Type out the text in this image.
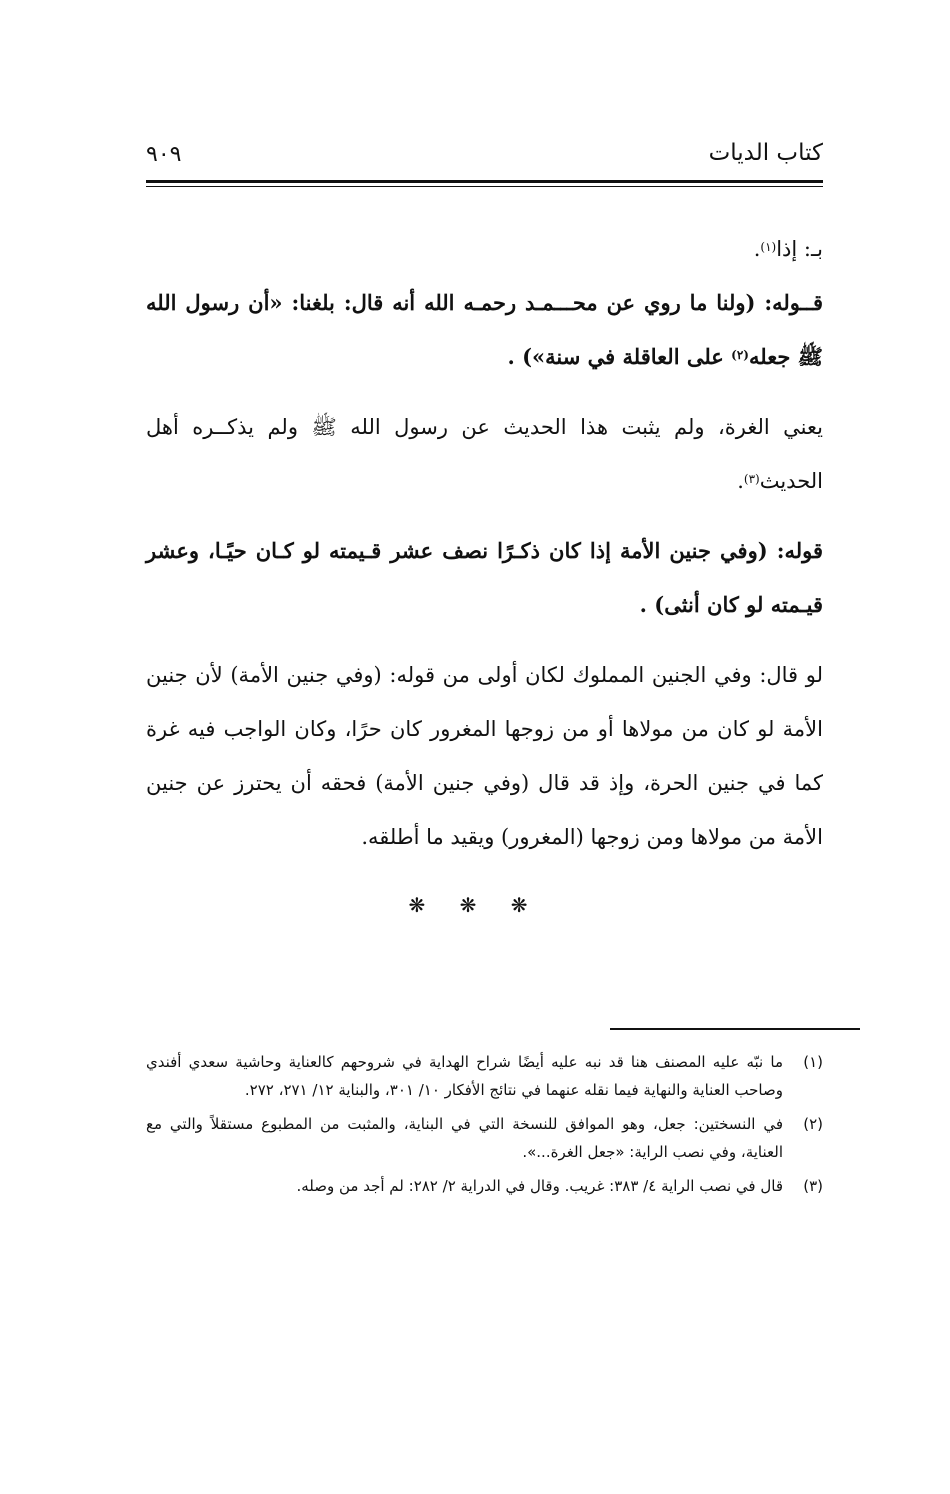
كتاب الديات
٩٠٩

بـ: إذا$^{(١)}$.

قــوله: (ولنا ما روي عن محـــمـد رحمـه الله أنه قال: بلغنا: «أن رسول الله ﷺ جعله$^{(٢)}$ على العاقلة في سنة») .

يعني الغرة، ولم يثبت هذا الحديث عن رسول الله ﷺ ولم يذكــره أهل الحديث$^{(٣)}$.

قوله: (وفي جنين الأمة إذا كان ذكـرًا نصف عشر قـيمته لو كـان حيًـا، وعشر قيـمته لو كان أنثى) .

لو قال: وفي الجنين المملوك لكان أولى من قوله: (وفي جنين الأمة) لأن جنين الأمة لو كان من مولاها أو من زوجها المغرور كان حرًا، وكان الواجب فيه غرة كما في جنين الحرة، وإذ قد قال (وفي جنين الأمة) فحقه أن يحترز عن جنين الأمة من مولاها ومن زوجها (المغرور) ويقيد ما أطلقه.

❋ ❋ ❋
(١)
ما نبّه عليه المصنف هنا قد نبه عليه أيضًا شراح الهداية في شروحهم كالعناية وحاشية سعدي أفندي وصاحب العناية والنهاية فيما نقله عنهما في نتائج الأفكار ١٠/ ٣٠١، والبناية ١٢/ ٢٧١، ٢٧٢.
(٢)
في النسختين: جعل، وهو الموافق للنسخة التي في البناية، والمثبت من المطبوع مستقلاً والتي مع العناية، وفي نصب الراية: «جعل الغرة...».
(٣)
قال في نصب الراية ٤/ ٣٨٣: غريب. وقال في الدراية ٢/ ٢٨٢: لم أجد من وصله.
